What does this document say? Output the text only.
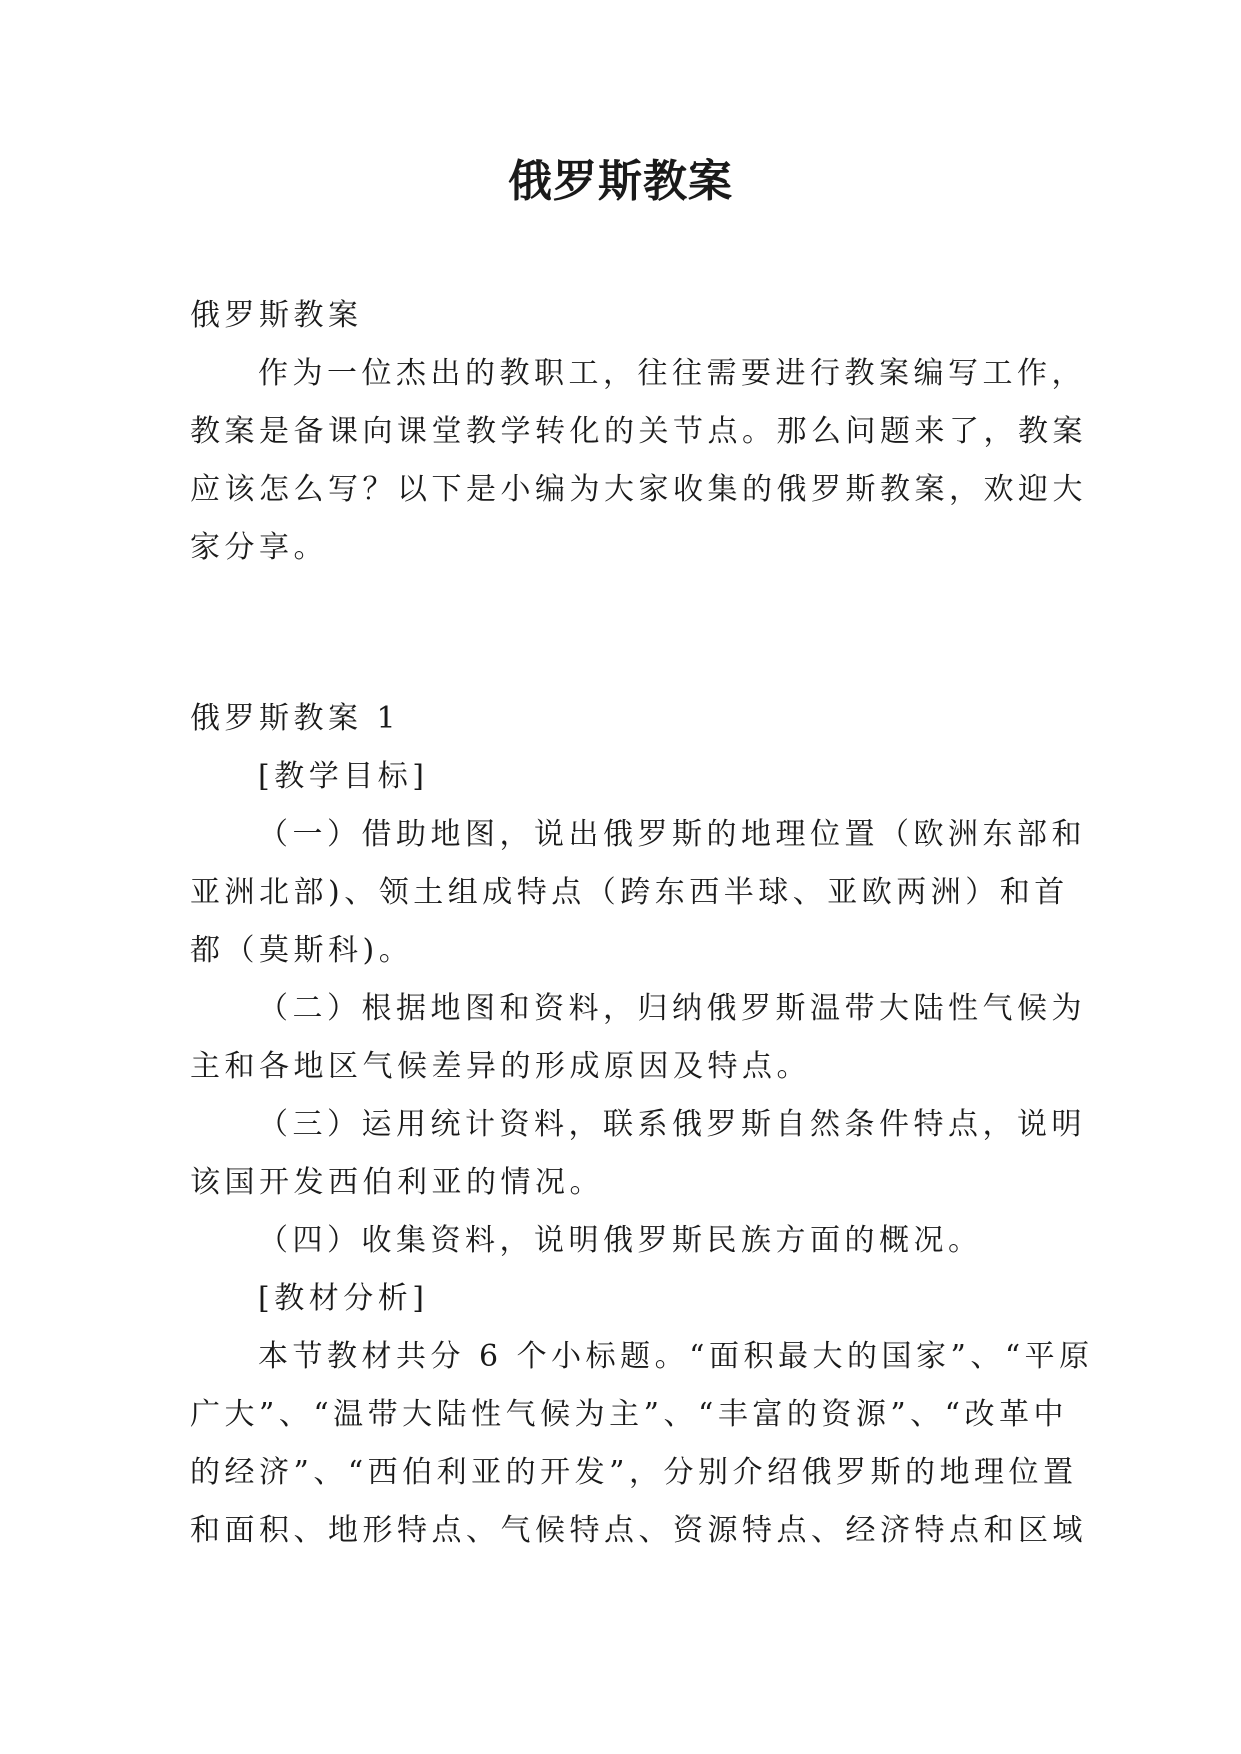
俄罗斯教案
俄罗斯教案
作为一位杰出的教职工，往往需要进行教案编写工作，
教案是备课向课堂教学转化的关节点。那么问题来了，教案
应该怎么写？以下是小编为大家收集的俄罗斯教案，欢迎大
家分享。
俄罗斯教案 1
[教学目标]
（一）借助地图，说出俄罗斯的地理位置（欧洲东部和
亚洲北部)、领土组成特点（跨东西半球、亚欧两洲）和首
都（莫斯科)。
（二）根据地图和资料，归纳俄罗斯温带大陆性气候为
主和各地区气候差异的形成原因及特点。
（三）运用统计资料，联系俄罗斯自然条件特点，说明
该国开发西伯利亚的情况。
（四）收集资料，说明俄罗斯民族方面的概况。
[教材分析]
本节教材共分 6 个小标题。“面积最大的国家”、“平原
广大”、“温带大陆性气候为主”、“丰富的资源”、“改革中
的经济”、“西伯利亚的开发”，分别介绍俄罗斯的地理位置
和面积、地形特点、气候特点、资源特点、经济特点和区域
